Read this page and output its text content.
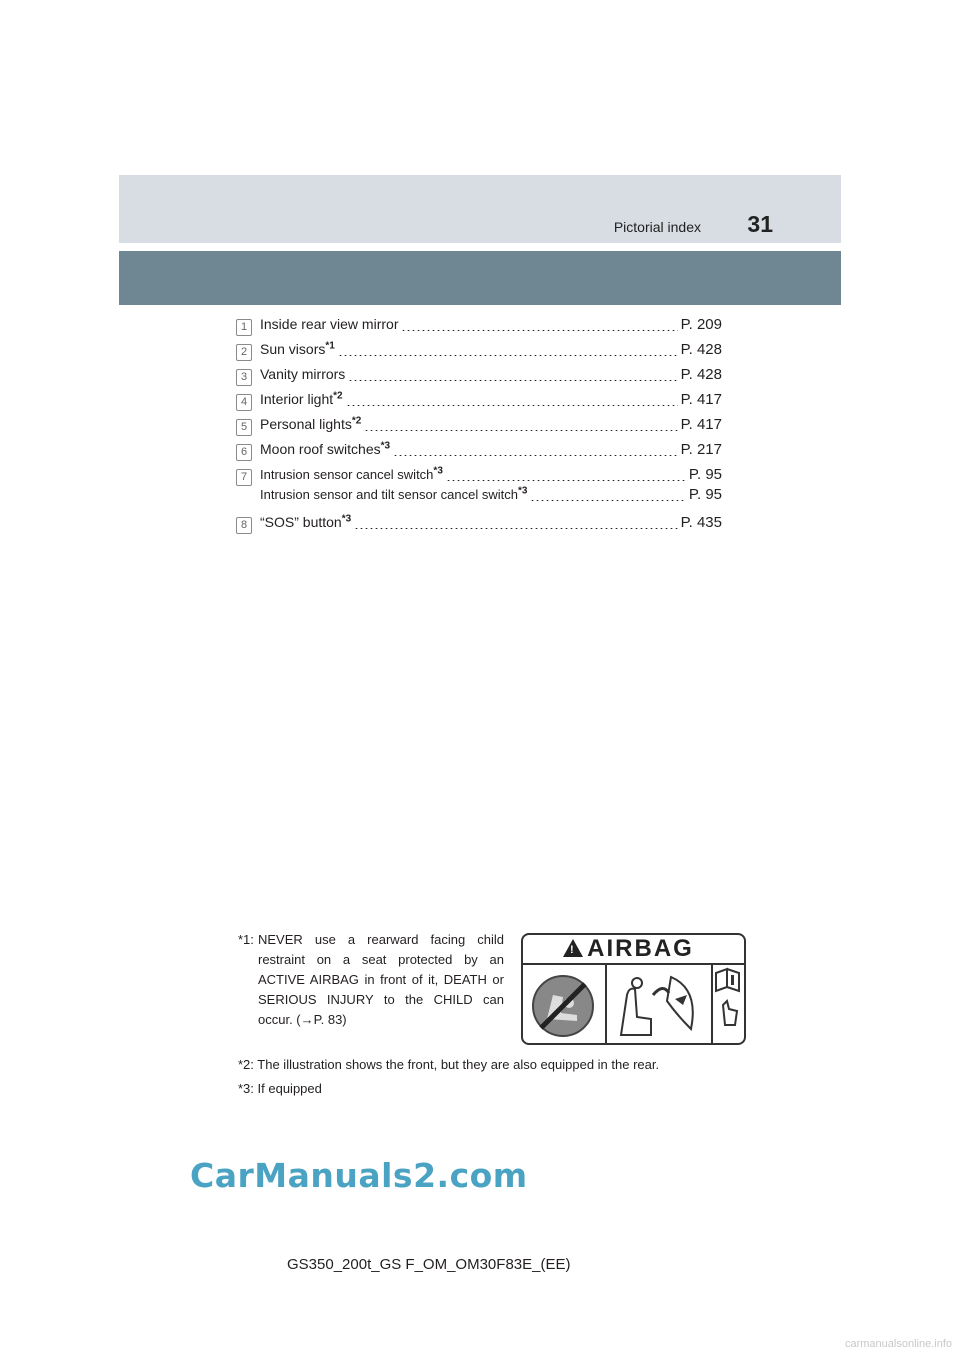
Pictorial index 31
1 Inside rear view mirror	P. 209
2 Sun visors$^{*1}$	P. 428
3 Vanity mirrors	P. 428
4 Interior light$^{*2}$	P. 417
5 Personal lights$^{*2}$	P. 417
6 Moon roof switches$^{*3}$	P. 217
7 Intrusion sensor cancel switch$^{*3}$	P. 95
Intrusion sensor and tilt sensor cancel switch$^{*3}$	P. 95
8 “SOS” button$^{*3}$	P. 435
*1: NEVER use a rearward facing child restraint on a seat protected by an ACTIVE AIRBAG in front of it, DEATH or SERIOUS INJURY to the CHILD can occur. (→P. 83)
! AIRBAG
*2: The illustration shows the front, but they are also equipped in the rear.
*3: If equipped
CarManuals2.com
GS350_200t_GS F_OM_OM30F83E_(EE)
carmanualsonline.info
